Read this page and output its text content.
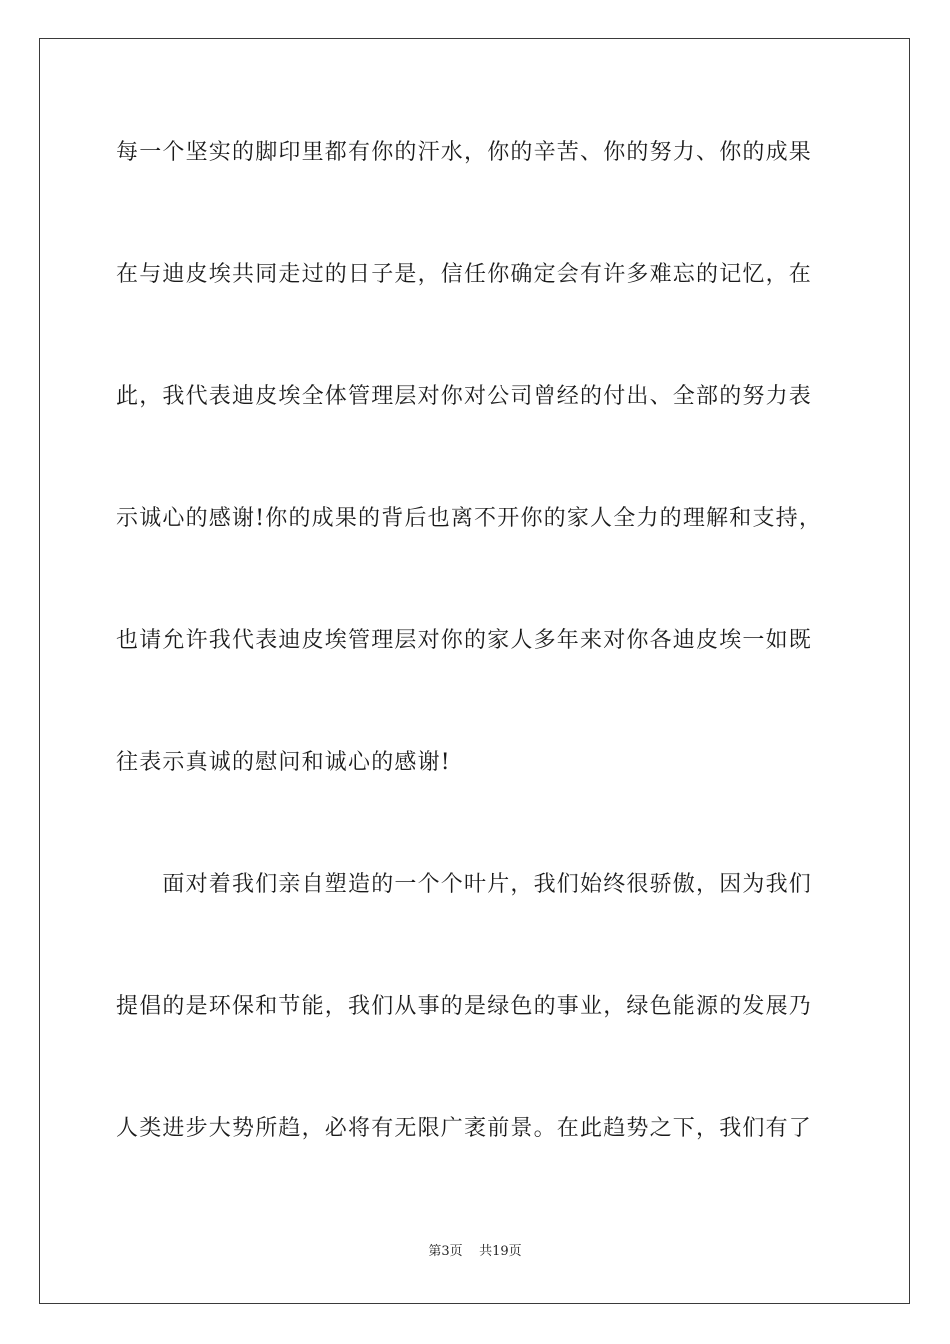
每一个坚实的脚印里都有你的汗水，你的辛苦、你的努力、你的成果
在与迪皮埃共同走过的日子是，信任你确定会有许多难忘的记忆，在
此，我代表迪皮埃全体管理层对你对公司曾经的付出、全部的努力表
示诚心的感谢!你的成果的背后也离不开你的家人全力的理解和支持，
也请允许我代表迪皮埃管理层对你的家人多年来对你各迪皮埃一如既
往表示真诚的慰问和诚心的感谢!
　　面对着我们亲自塑造的一个个叶片，我们始终很骄傲，因为我们
提倡的是环保和节能，我们从事的是绿色的事业，绿色能源的发展乃
人类进步大势所趋，必将有无限广袤前景。在此趋势之下，我们有了
第3页 共19页
